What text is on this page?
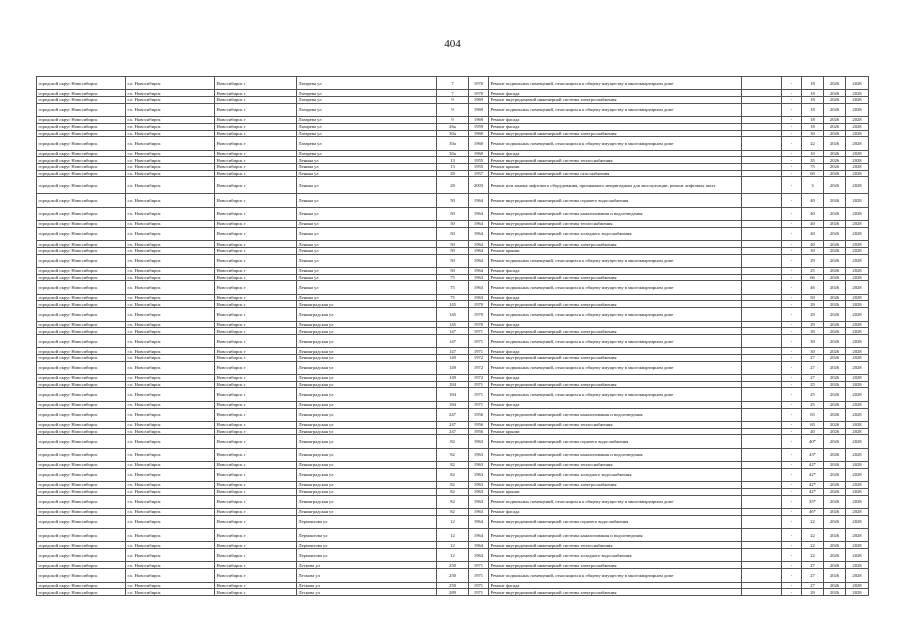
404
городской округ Новосибирск	г.о. Новосибирск	Новосибирск г	Лазарева ул	7	1970	Ремонт подвальных помещений, относящихся к общему имуществу в многоквартирном доме		-	18	2026	2028
городской округ Новосибирск	г.о. Новосибирск	Новосибирск г	Лазарева ул	7	1970	Ремонт фасада		-	18	2026	2028
городской округ Новосибирск	г.о. Новосибирск	Новосибирск г	Лазарева ул	9	1969	Ремонт внутридомовой инженерной системы электроснабжения		-	18	2026	2028
городской округ Новосибирск	г.о. Новосибирск	Новосибирск г	Лазарева ул	9	1969	Ремонт подвальных помещений, относящихся к общему имуществу в многоквартирном доме		-	18	2026	2028
городской округ Новосибирск	г.о. Новосибирск	Новосибирск г	Лазарева ул	9	1969	Ремонт фасада		-	18	2026	2028
городской округ Новосибирск	г.о. Новосибирск	Новосибирск г	Лазарева ул	26а	1959	Ремонт фасада		-	18	2026	2028
городской округ Новосибирск	г.о. Новосибирск	Новосибирск г	Лазарева ул	30а	1960	Ремонт внутридомовой инженерной системы электроснабжения		-	30	2026	2028
городской округ Новосибирск	г.о. Новосибирск	Новосибирск г	Лазарева ул	30а	1960	Ремонт подвальных помещений, относящихся к общему имуществу в многоквартирном доме		-	22	2026	2028
городской округ Новосибирск	г.о. Новосибирск	Новосибирск г	Лазарева ул	30а	1960	Ремонт фасада		-	10	2026	2028
городской округ Новосибирск	г.о. Новосибирск	Новосибирск г	Ленина ул	13	1955	Ремонт внутридомовой инженерной системы теплоснабжения		-	35	2026	2028
городской округ Новосибирск	г.о. Новосибирск	Новосибирск г	Ленина ул	13	1955	Ремонт крыши		-	75	2026	2028
городской округ Новосибирск	г.о. Новосибирск	Новосибирск г	Ленина ул	28	1957	Ремонт внутридомовой инженерной системы газоснабжения		-	60	2026	2028
городской округ Новосибирск	г.о. Новосибирск	Новосибирск г	Ленина ул	28	2003	Ремонт или замена лифтового оборудования, признанного непригодным для эксплуатации, ремонт лифтовых шахт		-	3	2026	2028
городской округ Новосибирск	г.о. Новосибирск	Новосибирск г	Ленина ул	50	1964	Ремонт внутридомовой инженерной системы горячего водоснабжения		-	40	2026	2028
городской округ Новосибирск	г.о. Новосибирск	Новосибирск г	Ленина ул	50	1964	Ремонт внутридомовой инженерной системы канализования и водоотведения		-	40	2026	2028
городской округ Новосибирск	г.о. Новосибирск	Новосибирск г	Ленина ул	50	1964	Ремонт внутридомовой инженерной системы теплоснабжения		-	40	2026	2028
городской округ Новосибирск	г.о. Новосибирск	Новосибирск г	Ленина ул	50	1964	Ремонт внутридомовой инженерной системы холодного водоснабжения		-	40	2026	2028
городской округ Новосибирск	г.о. Новосибирск	Новосибирск г	Ленина ул	50	1964	Ремонт внутридомовой инженерной системы электроснабжения		-	40	2026	2028
городской округ Новосибирск	г.о. Новосибирск	Новосибирск г	Ленина ул	50	1964	Ремонт крыши		-	30	2026	2028
городской округ Новосибирск	г.о. Новосибирск	Новосибирск г	Ленина ул	50	1964	Ремонт подвальных помещений, относящихся к общему имуществу в многоквартирном доме		-	29	2026	2028
городской округ Новосибирск	г.о. Новосибирск	Новосибирск г	Ленина ул	50	1964	Ремонт фасада		-	25	2026	2028
городской округ Новосибирск	г.о. Новосибирск	Новосибирск г	Ленина ул	75	1963	Ремонт внутридомовой инженерной системы электроснабжения		-	66	2026	2028
городской округ Новосибирск	г.о. Новосибирск	Новосибирск г	Ленина ул	75	1963	Ремонт подвальных помещений, относящихся к общему имуществу в многоквартирном доме		-	46	2026	2028
городской округ Новосибирск	г.о. Новосибирск	Новосибирск г	Ленина ул	75	1963	Ремонт фасада		-	50	2026	2028
городской округ Новосибирск	г.о. Новосибирск	Новосибирск г	Ленинградская ул	145	1970	Ремонт внутридомовой инженерной системы электроснабжения		-	29	2026	2028
городской округ Новосибирск	г.о. Новосибирск	Новосибирск г	Ленинградская ул	145	1970	Ремонт подвальных помещений, относящихся к общему имуществу в многоквартирном доме		-	29	2026	2028
городской округ Новосибирск	г.о. Новосибирск	Новосибирск г	Ленинградская ул	145	1970	Ремонт фасада		-	29	2026	2028
городской округ Новосибирск	г.о. Новосибирск	Новосибирск г	Ленинградская ул	147	1971	Ремонт внутридомовой инженерной системы электроснабжения		-	30	2026	2028
городской округ Новосибирск	г.о. Новосибирск	Новосибирск г	Ленинградская ул	147	1971	Ремонт подвальных помещений, относящихся к общему имуществу в многоквартирном доме		-	30	2026	2028
городской округ Новосибирск	г.о. Новосибирск	Новосибирск г	Ленинградская ул	147	1971	Ремонт фасада		-	30	2026	2028
городской округ Новосибирск	г.о. Новосибирск	Новосибирск г	Ленинградская ул	149	1972	Ремонт внутридомовой инженерной системы электроснабжения		-	27	2026	2028
городской округ Новосибирск	г.о. Новосибирск	Новосибирск г	Ленинградская ул	149	1972	Ремонт подвальных помещений, относящихся к общему имуществу в многоквартирном доме		-	27	2026	2028
городской округ Новосибирск	г.о. Новосибирск	Новосибирск г	Ленинградская ул	149	1972	Ремонт фасада		-	27	2026	2028
городской округ Новосибирск	г.о. Новосибирск	Новосибирск г	Ленинградская ул	184	1971	Ремонт внутридомовой инженерной системы электроснабжения		-	25	2026	2028
городской округ Новосибирск	г.о. Новосибирск	Новосибирск г	Ленинградская ул	184	1971	Ремонт подвальных помещений, относящихся к общему имуществу в многоквартирном доме		-	25	2026	2028
городской округ Новосибирск	г.о. Новосибирск	Новосибирск г	Ленинградская ул	184	1971	Ремонт фасада		-	25	2026	2028
городской округ Новосибирск	г.о. Новосибирск	Новосибирск г	Ленинградская ул	247	1956	Ремонт внутридомовой инженерной системы канализования и водоотведения		-	65	2026	2028
городской округ Новосибирск	г.о. Новосибирск	Новосибирск г	Ленинградская ул	247	1956	Ремонт внутридомовой инженерной системы теплоснабжения		-	65	2026	2028
городской округ Новосибирск	г.о. Новосибирск	Новосибирск г	Ленинградская ул	247	1956	Ремонт крыши		-	40	2026	2028
городской округ Новосибирск	г.о. Новосибирск	Новосибирск г	Ленинградская ул	82	1963	Ремонт внутридомовой инженерной системы горячего водоснабжения		-	40*	2026	2028
городской округ Новосибирск	г.о. Новосибирск	Новосибирск г	Ленинградская ул	82	1963	Ремонт внутридомовой инженерной системы канализования и водоотведения		-	43*	2026	2028
городской округ Новосибирск	г.о. Новосибирск	Новосибирск г	Ленинградская ул	82	1963	Ремонт внутридомовой инженерной системы теплоснабжения		-	42*	2026	2028
городской округ Новосибирск	г.о. Новосибирск	Новосибирск г	Ленинградская ул	82	1963	Ремонт внутридомовой инженерной системы холодного водоснабжения		-	42*	2026	2028
городской округ Новосибирск	г.о. Новосибирск	Новосибирск г	Ленинградская ул	82	1963	Ремонт внутридомовой инженерной системы электроснабжения		-	42*	2026	2028
городской округ Новосибирск	г.о. Новосибирск	Новосибирск г	Ленинградская ул	82	1963	Ремонт крыши		-	42*	2026	2028
городской округ Новосибирск	г.о. Новосибирск	Новосибирск г	Ленинградская ул	82	1963	Ремонт подвальных помещений, относящихся к общему имуществу в многоквартирном доме		-	35*	2026	2028
городской округ Новосибирск	г.о. Новосибирск	Новосибирск г	Ленинградская ул	82	1963	Ремонт фасада		-	46*	2026	2028
городской округ Новосибирск	г.о. Новосибирск	Новосибирск г	Лермонтова ул	12	1964	Ремонт внутридомовой инженерной системы горячего водоснабжения		-	22	2026	2028
городской округ Новосибирск	г.о. Новосибирск	Новосибирск г	Лермонтова ул	12	1964	Ремонт внутридомовой инженерной системы канализования и водоотведения		-	22	2026	2028
городской округ Новосибирск	г.о. Новосибирск	Новосибирск г	Лермонтова ул	12	1964	Ремонт внутридомовой инженерной системы теплоснабжения		-	22	2026	2028
городской округ Новосибирск	г.о. Новосибирск	Новосибирск г	Лермонтова ул	12	1964	Ремонт внутридомовой инженерной системы холодного водоснабжения		-	22	2026	2028
городской округ Новосибирск	г.о. Новосибирск	Новосибирск г	Лескова ул	250	1971	Ремонт внутридомовой инженерной системы электроснабжения		-	27	2026	2028
городской округ Новосибирск	г.о. Новосибирск	Новосибирск г	Лескова ул	250	1971	Ремонт подвальных помещений, относящихся к общему имуществу в многоквартирном доме		-	27	2026	2028
городской округ Новосибирск	г.о. Новосибирск	Новосибирск г	Лескова ул	250	1971	Ремонт фасада		-	27	2026	2028
городской округ Новосибирск	г.о. Новосибирск	Новосибирск г	Лескова ул	289	1971	Ремонт внутридомовой инженерной системы электроснабжения		-	29	2026	2028
